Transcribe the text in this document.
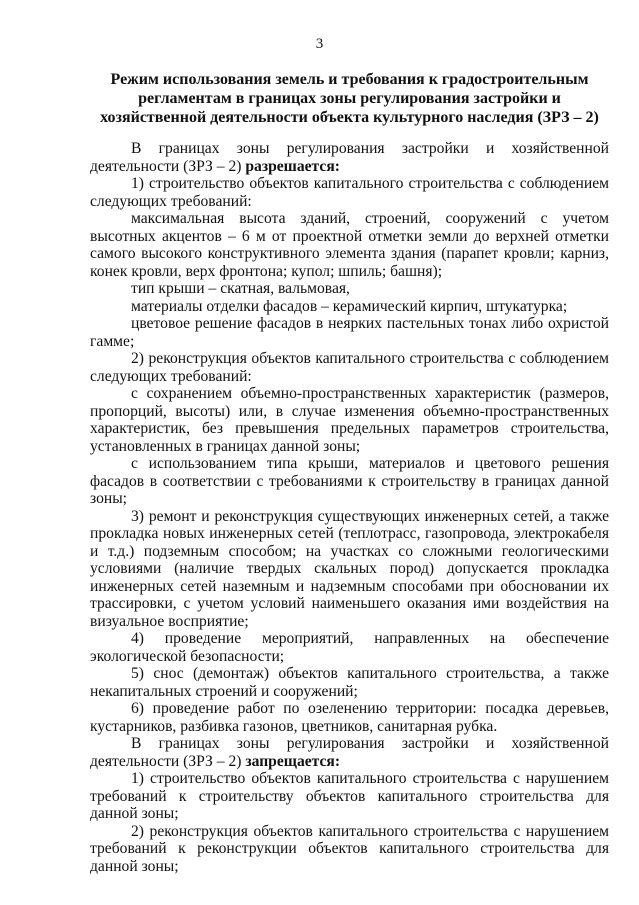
3
Режим использования земель и требования к градостроительным регламентам в границах зоны регулирования застройки и хозяйственной деятельности объекта культурного наследия (ЗРЗ – 2)

В границах зоны регулирования застройки и хозяйственной деятельности (ЗРЗ – 2) разрешается:

1) строительство объектов капитального строительства с соблюдением следующих требований:

максимальная высота зданий, строений, сооружений с учетом высотных акцентов – 6 м от проектной отметки земли до верхней отметки самого высокого конструктивного элемента здания (парапет кровли; карниз, конек кровли, верх фронтона; купол; шпиль; башня);

тип крыши – скатная, вальмовая,

материалы отделки фасадов – керамический кирпич, штукатурка;

цветовое решение фасадов в неярких пастельных тонах либо охристой гамме;

2) реконструкция объектов капитального строительства с соблюдением следующих требований:

с сохранением объемно-пространственных характеристик (размеров, пропорций, высоты) или, в случае изменения объемно-пространственных характеристик, без превышения предельных параметров строительства, установленных в границах данной зоны;

с использованием типа крыши, материалов и цветового решения фасадов в соответствии с требованиями к строительству в границах данной зоны;

3) ремонт и реконструкция существующих инженерных сетей, а также прокладка новых инженерных сетей (теплотрасс, газопровода, электрокабеля и т.д.) подземным способом; на участках со сложными геологическими условиями (наличие твердых скальных пород) допускается прокладка инженерных сетей наземным и надземным способами при обосновании их трассировки, с учетом условий наименьшего оказания ими воздействия на визуальное восприятие;

4) проведение мероприятий, направленных на обеспечение экологической безопасности;

5) снос (демонтаж) объектов капитального строительства, а также некапитальных строений и сооружений;

6) проведение работ по озеленению территории: посадка деревьев, кустарников, разбивка газонов, цветников, санитарная рубка.

В границах зоны регулирования застройки и хозяйственной деятельности (ЗРЗ – 2) запрещается:

1) строительство объектов капитального строительства с нарушением требований к строительству объектов капитального строительства для данной зоны;

2) реконструкция объектов капитального строительства с нарушением требований к реконструкции объектов капитального строительства для данной зоны;
